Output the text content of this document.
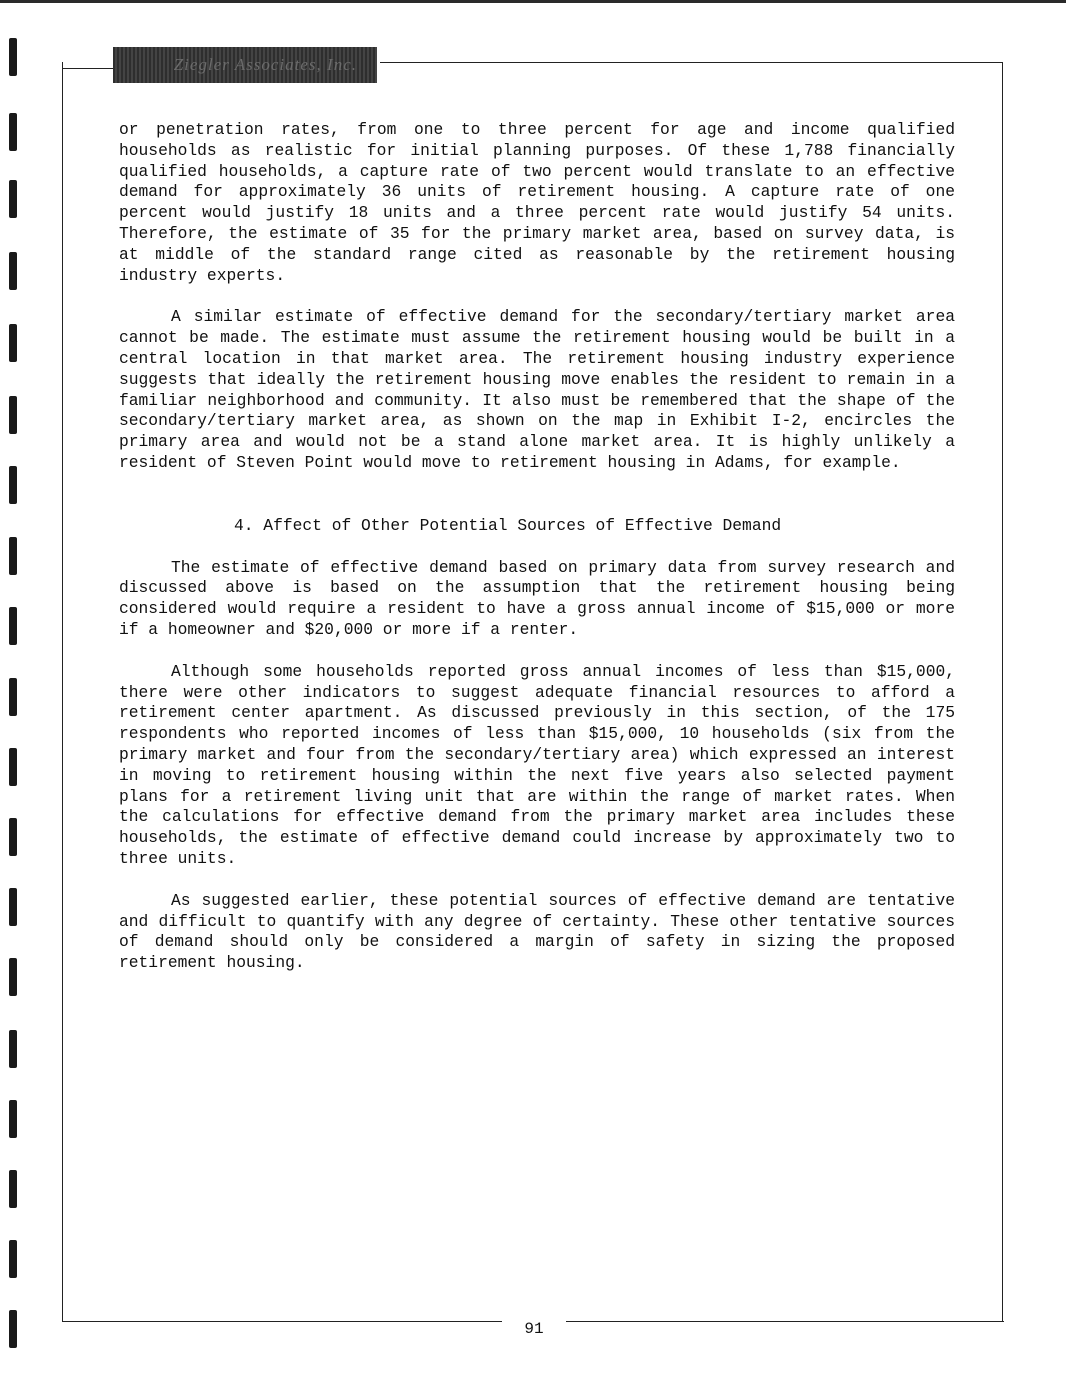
Ziegler Associates, Inc.

or penetration rates, from one to three percent for age and income qualified households as realistic for initial planning purposes. Of these 1,788 financially qualified households, a capture rate of two percent would translate to an effective demand for approximately 36 units of retirement housing. A capture rate of one percent would justify 18 units and a three percent rate would justify 54 units. Therefore, the estimate of 35 for the primary market area, based on survey data, is at middle of the standard range cited as reasonable by the retirement housing industry experts.

A similar estimate of effective demand for the secondary/tertiary market area cannot be made. The estimate must assume the retirement housing would be built in a central location in that market area. The retirement housing industry experience suggests that ideally the retirement housing move enables the resident to remain in a familiar neighborhood and community. It also must be remembered that the shape of the secondary/tertiary market area, as shown on the map in Exhibit I-2, encircles the primary area and would not be a stand alone market area. It is highly unlikely a resident of Steven Point would move to retirement housing in Adams, for example.

4. Affect of Other Potential Sources of Effective Demand

The estimate of effective demand based on primary data from survey research and discussed above is based on the assumption that the retirement housing being considered would require a resident to have a gross annual income of $15,000 or more if a homeowner and $20,000 or more if a renter.

Although some households reported gross annual incomes of less than $15,000, there were other indicators to suggest adequate financial resources to afford a retirement center apartment. As discussed previously in this section, of the 175 respondents who reported incomes of less than $15,000, 10 households (six from the primary market and four from the secondary/tertiary area) which expressed an interest in moving to retirement housing within the next five years also selected payment plans for a retirement living unit that are within the range of market rates. When the calculations for effective demand from the primary market area includes these households, the estimate of effective demand could increase by approximately two to three units.

As suggested earlier, these potential sources of effective demand are tentative and difficult to quantify with any degree of certainty. These other tentative sources of demand should only be considered a margin of safety in sizing the proposed retirement housing.

91
